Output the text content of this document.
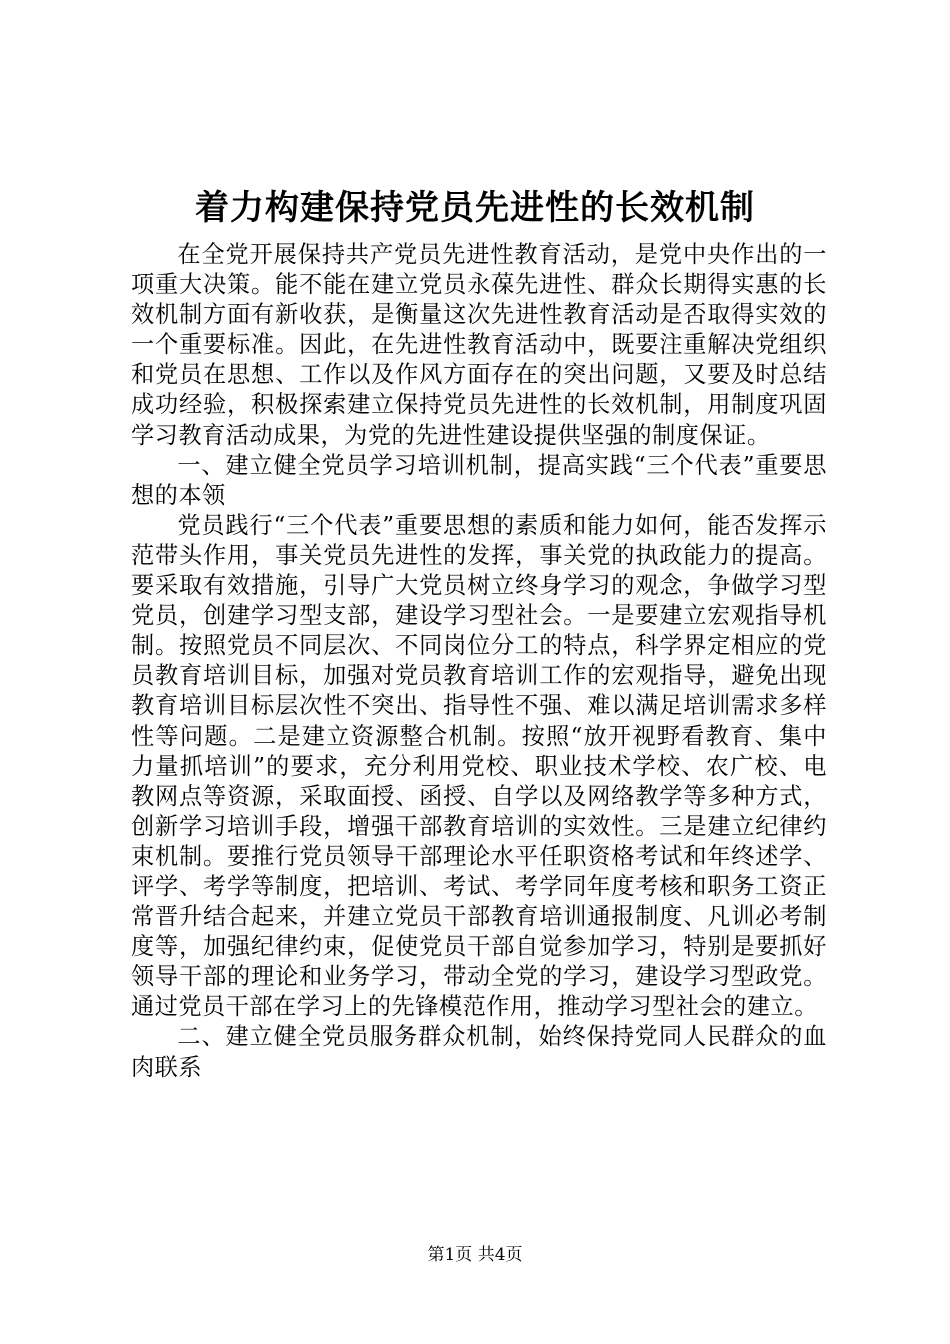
着力构建保持党员先进性的长效机制

在全党开展保持共产党员先进性教育活动，是党中央作出的一项重大决策。能不能在建立党员永葆先进性、群众长期得实惠的长效机制方面有新收获，是衡量这次先进性教育活动是否取得实效的一个重要标准。因此，在先进性教育活动中，既要注重解决党组织和党员在思想、工作以及作风方面存在的突出问题，又要及时总结成功经验，积极探索建立保持党员先进性的长效机制，用制度巩固学习教育活动成果，为党的先进性建设提供坚强的制度保证。

一、建立健全党员学习培训机制，提高实践“三个代表”重要思想的本领

党员践行“三个代表”重要思想的素质和能力如何，能否发挥示范带头作用，事关党员先进性的发挥，事关党的执政能力的提高。要采取有效措施，引导广大党员树立终身学习的观念，争做学习型党员，创建学习型支部，建设学习型社会。一是要建立宏观指导机制。按照党员不同层次、不同岗位分工的特点，科学界定相应的党员教育培训目标，加强对党员教育培训工作的宏观指导，避免出现教育培训目标层次性不突出、指导性不强、难以满足培训需求多样性等问题。二是建立资源整合机制。按照“放开视野看教育、集中力量抓培训”的要求，充分利用党校、职业技术学校、农广校、电教网点等资源，采取面授、函授、自学以及网络教学等多种方式，创新学习培训手段，增强干部教育培训的实效性。三是建立纪律约束机制。要推行党员领导干部理论水平任职资格考试和年终述学、评学、考学等制度，把培训、考试、考学同年度考核和职务工资正常晋升结合起来，并建立党员干部教育培训通报制度、凡训必考制度等，加强纪律约束，促使党员干部自觉参加学习，特别是要抓好领导干部的理论和业务学习，带动全党的学习，建设学习型政党。通过党员干部在学习上的先锋模范作用，推动学习型社会的建立。

二、建立健全党员服务群众机制，始终保持党同人民群众的血肉联系

第1页 共4页
